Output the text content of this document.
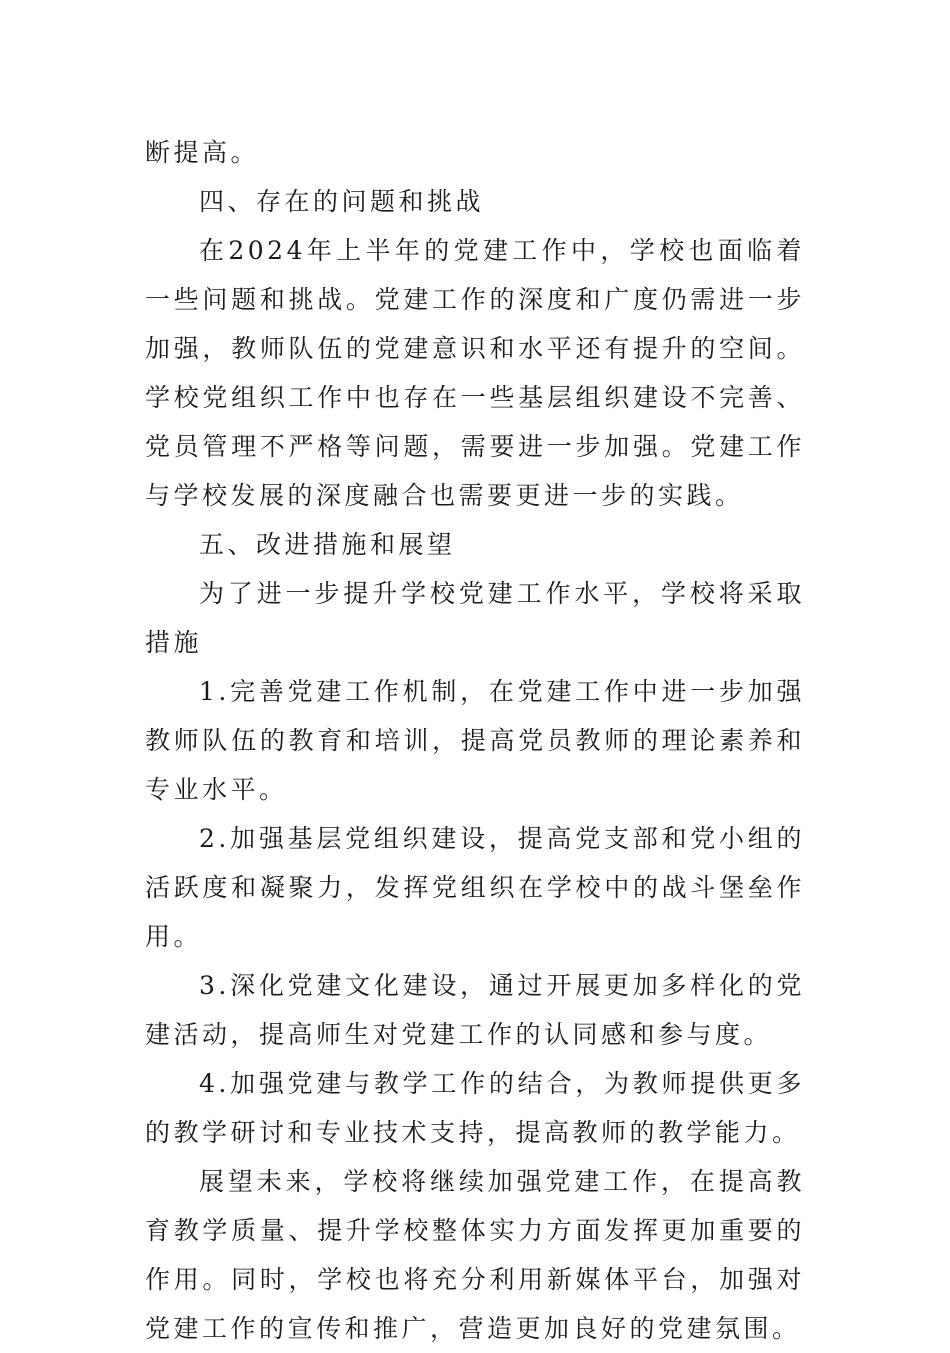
断提高。

四、存在的问题和挑战

在2024年上半年的党建工作中，学校也面临着一些问题和挑战。党建工作的深度和广度仍需进一步加强，教师队伍的党建意识和水平还有提升的空间。学校党组织工作中也存在一些基层组织建设不完善、党员管理不严格等问题，需要进一步加强。党建工作与学校发展的深度融合也需要更进一步的实践。

五、改进措施和展望

为了进一步提升学校党建工作水平，学校将采取措施

1.完善党建工作机制，在党建工作中进一步加强教师队伍的教育和培训，提高党员教师的理论素养和专业水平。

2.加强基层党组织建设，提高党支部和党小组的活跃度和凝聚力，发挥党组织在学校中的战斗堡垒作用。

3.深化党建文化建设，通过开展更加多样化的党建活动，提高师生对党建工作的认同感和参与度。

4.加强党建与教学工作的结合，为教师提供更多的教学研讨和专业技术支持，提高教师的教学能力。

展望未来，学校将继续加强党建工作，在提高教育教学质量、提升学校整体实力方面发挥更加重要的作用。同时，学校也将充分利用新媒体平台，加强对党建工作的宣传和推广，营造更加良好的党建氛围。
